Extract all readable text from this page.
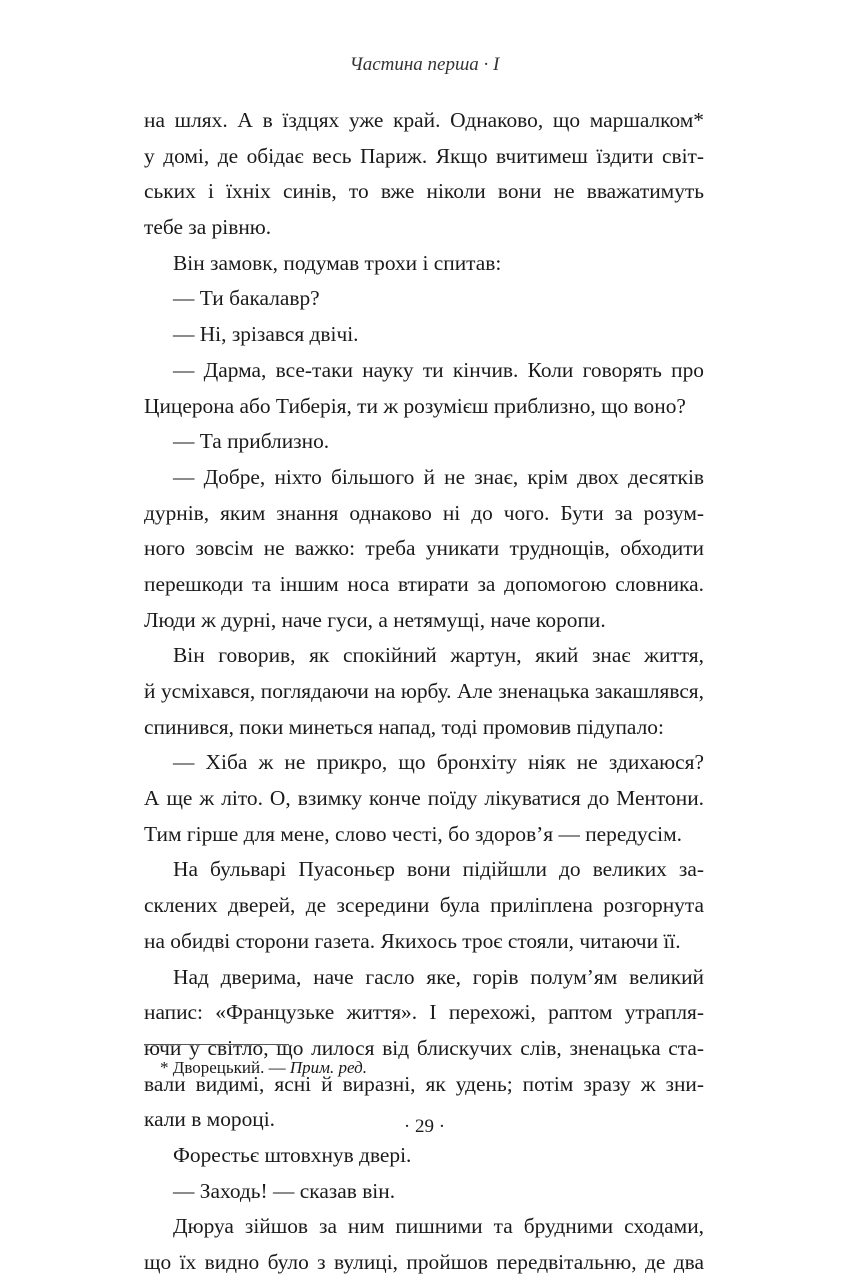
Частина перша · I
на шлях. А в їздцях уже край. Однаково, що маршалком*
у домі, де обідає весь Париж. Якщо вчитимеш їздити світ-
ських і їхніх синів, то вже ніколи вони не вважатимуть
тебе за рівню.
Він замовк, подумав трохи і спитав:
— Ти бакалавр?
— Ні, зрізався двічі.
— Дарма, все-таки науку ти кінчив. Коли говорять про
Цицерона або Тиберія, ти ж розумієш приблизно, що воно?
— Та приблизно.
— Добре, ніхто більшого й не знає, крім двох десятків
дурнів, яким знання однаково ні до чого. Бути за розум-
ного зовсім не важко: треба уникати труднощів, обходити
перешкоди та іншим носа втирати за допомогою словника.
Люди ж дурні, наче гуси, а нетямущі, наче коропи.
Він говорив, як спокійний жартун, який знає життя,
й усміхався, поглядаючи на юрбу. Але зненацька закашлявся,
спинився, поки минеться напад, тоді промовив підупало:
— Хіба ж не прикро, що бронхіту ніяк не здихаюся?
А ще ж літо. О, взимку конче поїду лікуватися до Ментони.
Тим гірше для мене, слово честі, бо здоров’я — передусім.
На бульварі Пуасоньєр вони підійшли до великих за-
склених дверей, де зсередини була приліплена розгорнута
на обидві сторони газета. Якихось троє стояли, читаючи її.
Над дверима, наче гасло яке, горів полум’ям великий
напис: «Французьке життя». І перехожі, раптом утрапля-
ючи у світло, що лилося від блискучих слів, зненацька ста-
вали видимі, ясні й виразні, як удень; потім зразу ж зни-
кали в мороці.
Форестьє штовхнув двері.
— Заходь! — сказав він.
Дюруа зійшов за ним пишними та брудними сходами,
що їх видно було з вулиці, пройшов передвітальню, де два
* Дворецький. — Прим. ред.
· 29 ·
